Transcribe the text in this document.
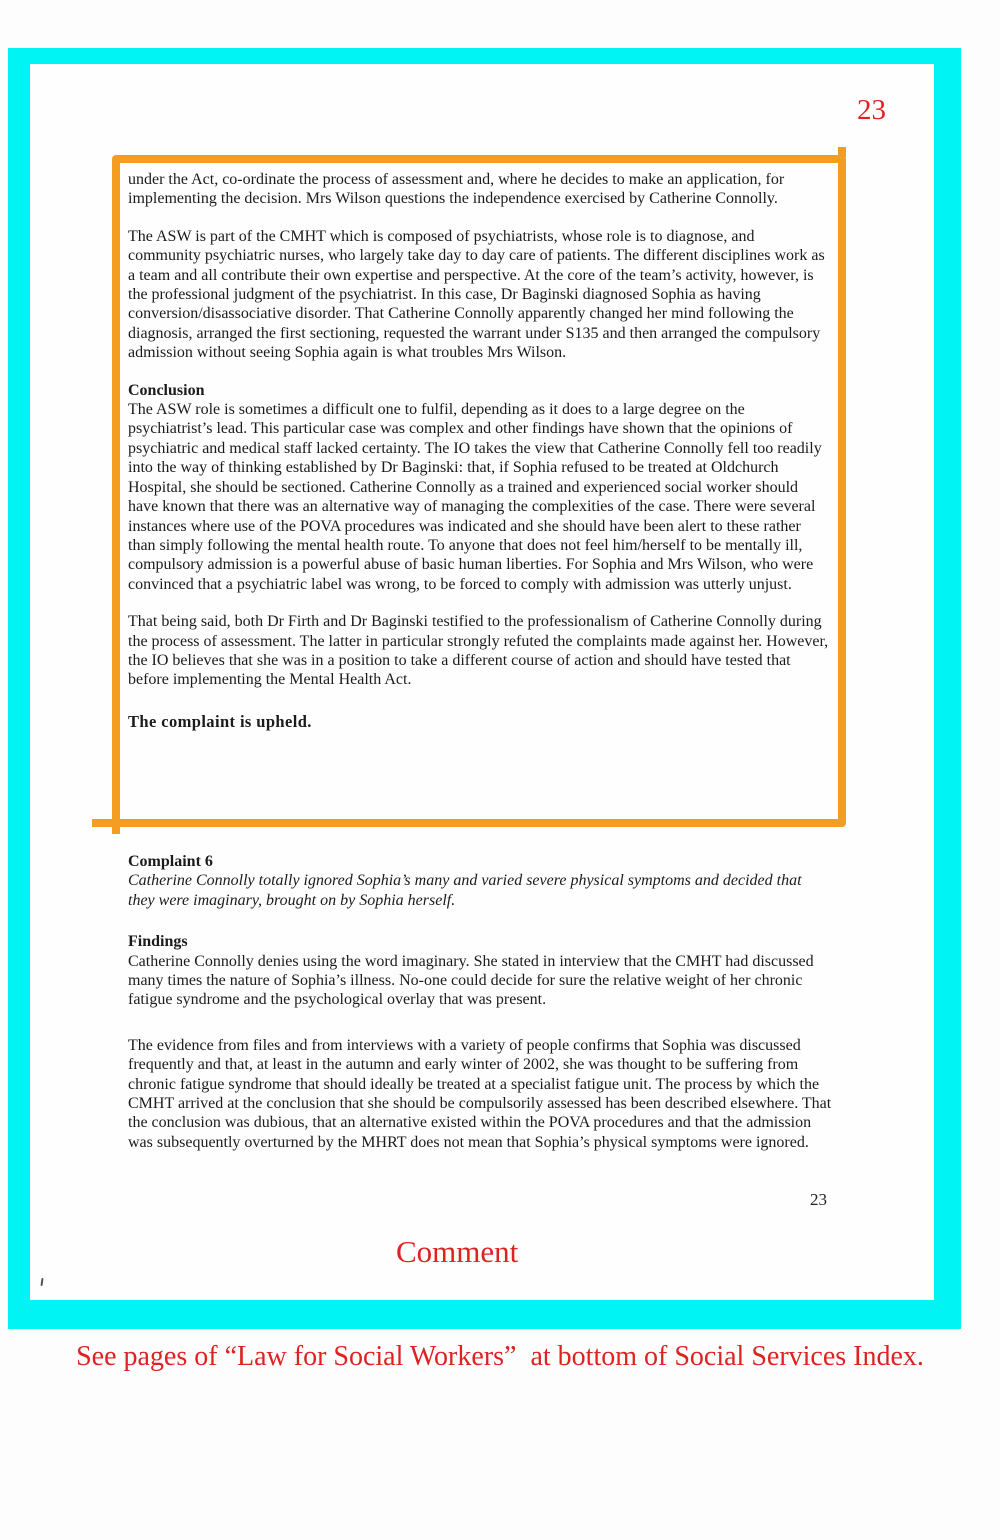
23

under the Act, co-ordinate the process of assessment and, where he decides to make an application, for implementing the decision. Mrs Wilson questions the independence exercised by Catherine Connolly.

The ASW is part of the CMHT which is composed of psychiatrists, whose role is to diagnose, and community psychiatric nurses, who largely take day to day care of patients. The different disciplines work as a team and all contribute their own expertise and perspective. At the core of the team’s activity, however, is the professional judgment of the psychiatrist. In this case, Dr Baginski diagnosed Sophia as having conversion/disassociative disorder. That Catherine Connolly apparently changed her mind following the diagnosis, arranged the first sectioning, requested the warrant under S135 and then arranged the compulsory admission without seeing Sophia again is what troubles Mrs Wilson.

Conclusion

The ASW role is sometimes a difficult one to fulfil, depending as it does to a large degree on the psychiatrist’s lead. This particular case was complex and other findings have shown that the opinions of psychiatric and medical staff lacked certainty. The IO takes the view that Catherine Connolly fell too readily into the way of thinking established by Dr Baginski: that, if Sophia refused to be treated at Oldchurch Hospital, she should be sectioned. Catherine Connolly as a trained and experienced social worker should have known that there was an alternative way of managing the complexities of the case. There were several instances where use of the POVA procedures was indicated and she should have been alert to these rather than simply following the mental health route. To anyone that does not feel him/herself to be mentally ill, compulsory admission is a powerful abuse of basic human liberties. For Sophia and Mrs Wilson, who were convinced that a psychiatric label was wrong, to be forced to comply with admission was utterly unjust.

That being said, both Dr Firth and Dr Baginski testified to the professionalism of Catherine Connolly during the process of assessment. The latter in particular strongly refuted the complaints made against her. However, the IO believes that she was in a position to take a different course of action and should have tested that before implementing the Mental Health Act.

The complaint is upheld.

Complaint 6

Catherine Connolly totally ignored Sophia’s many and varied severe physical symptoms and decided that they were imaginary, brought on by Sophia herself.

Findings

Catherine Connolly denies using the word imaginary. She stated in interview that the CMHT had discussed many times the nature of Sophia’s illness. No-one could decide for sure the relative weight of her chronic fatigue syndrome and the psychological overlay that was present.

The evidence from files and from interviews with a variety of people confirms that Sophia was discussed frequently and that, at least in the autumn and early winter of 2002, she was thought to be suffering from chronic fatigue syndrome that should ideally be treated at a specialist fatigue unit. The process by which the CMHT arrived at the conclusion that she should be compulsorily assessed has been described elsewhere. That the conclusion was dubious, that an alternative existed within the POVA procedures and that the admission was subsequently overturned by the MHRT does not mean that Sophia’s physical symptoms were ignored.

23
Comment
See pages of “Law for Social Workers”  at bottom of Social Services Index.
